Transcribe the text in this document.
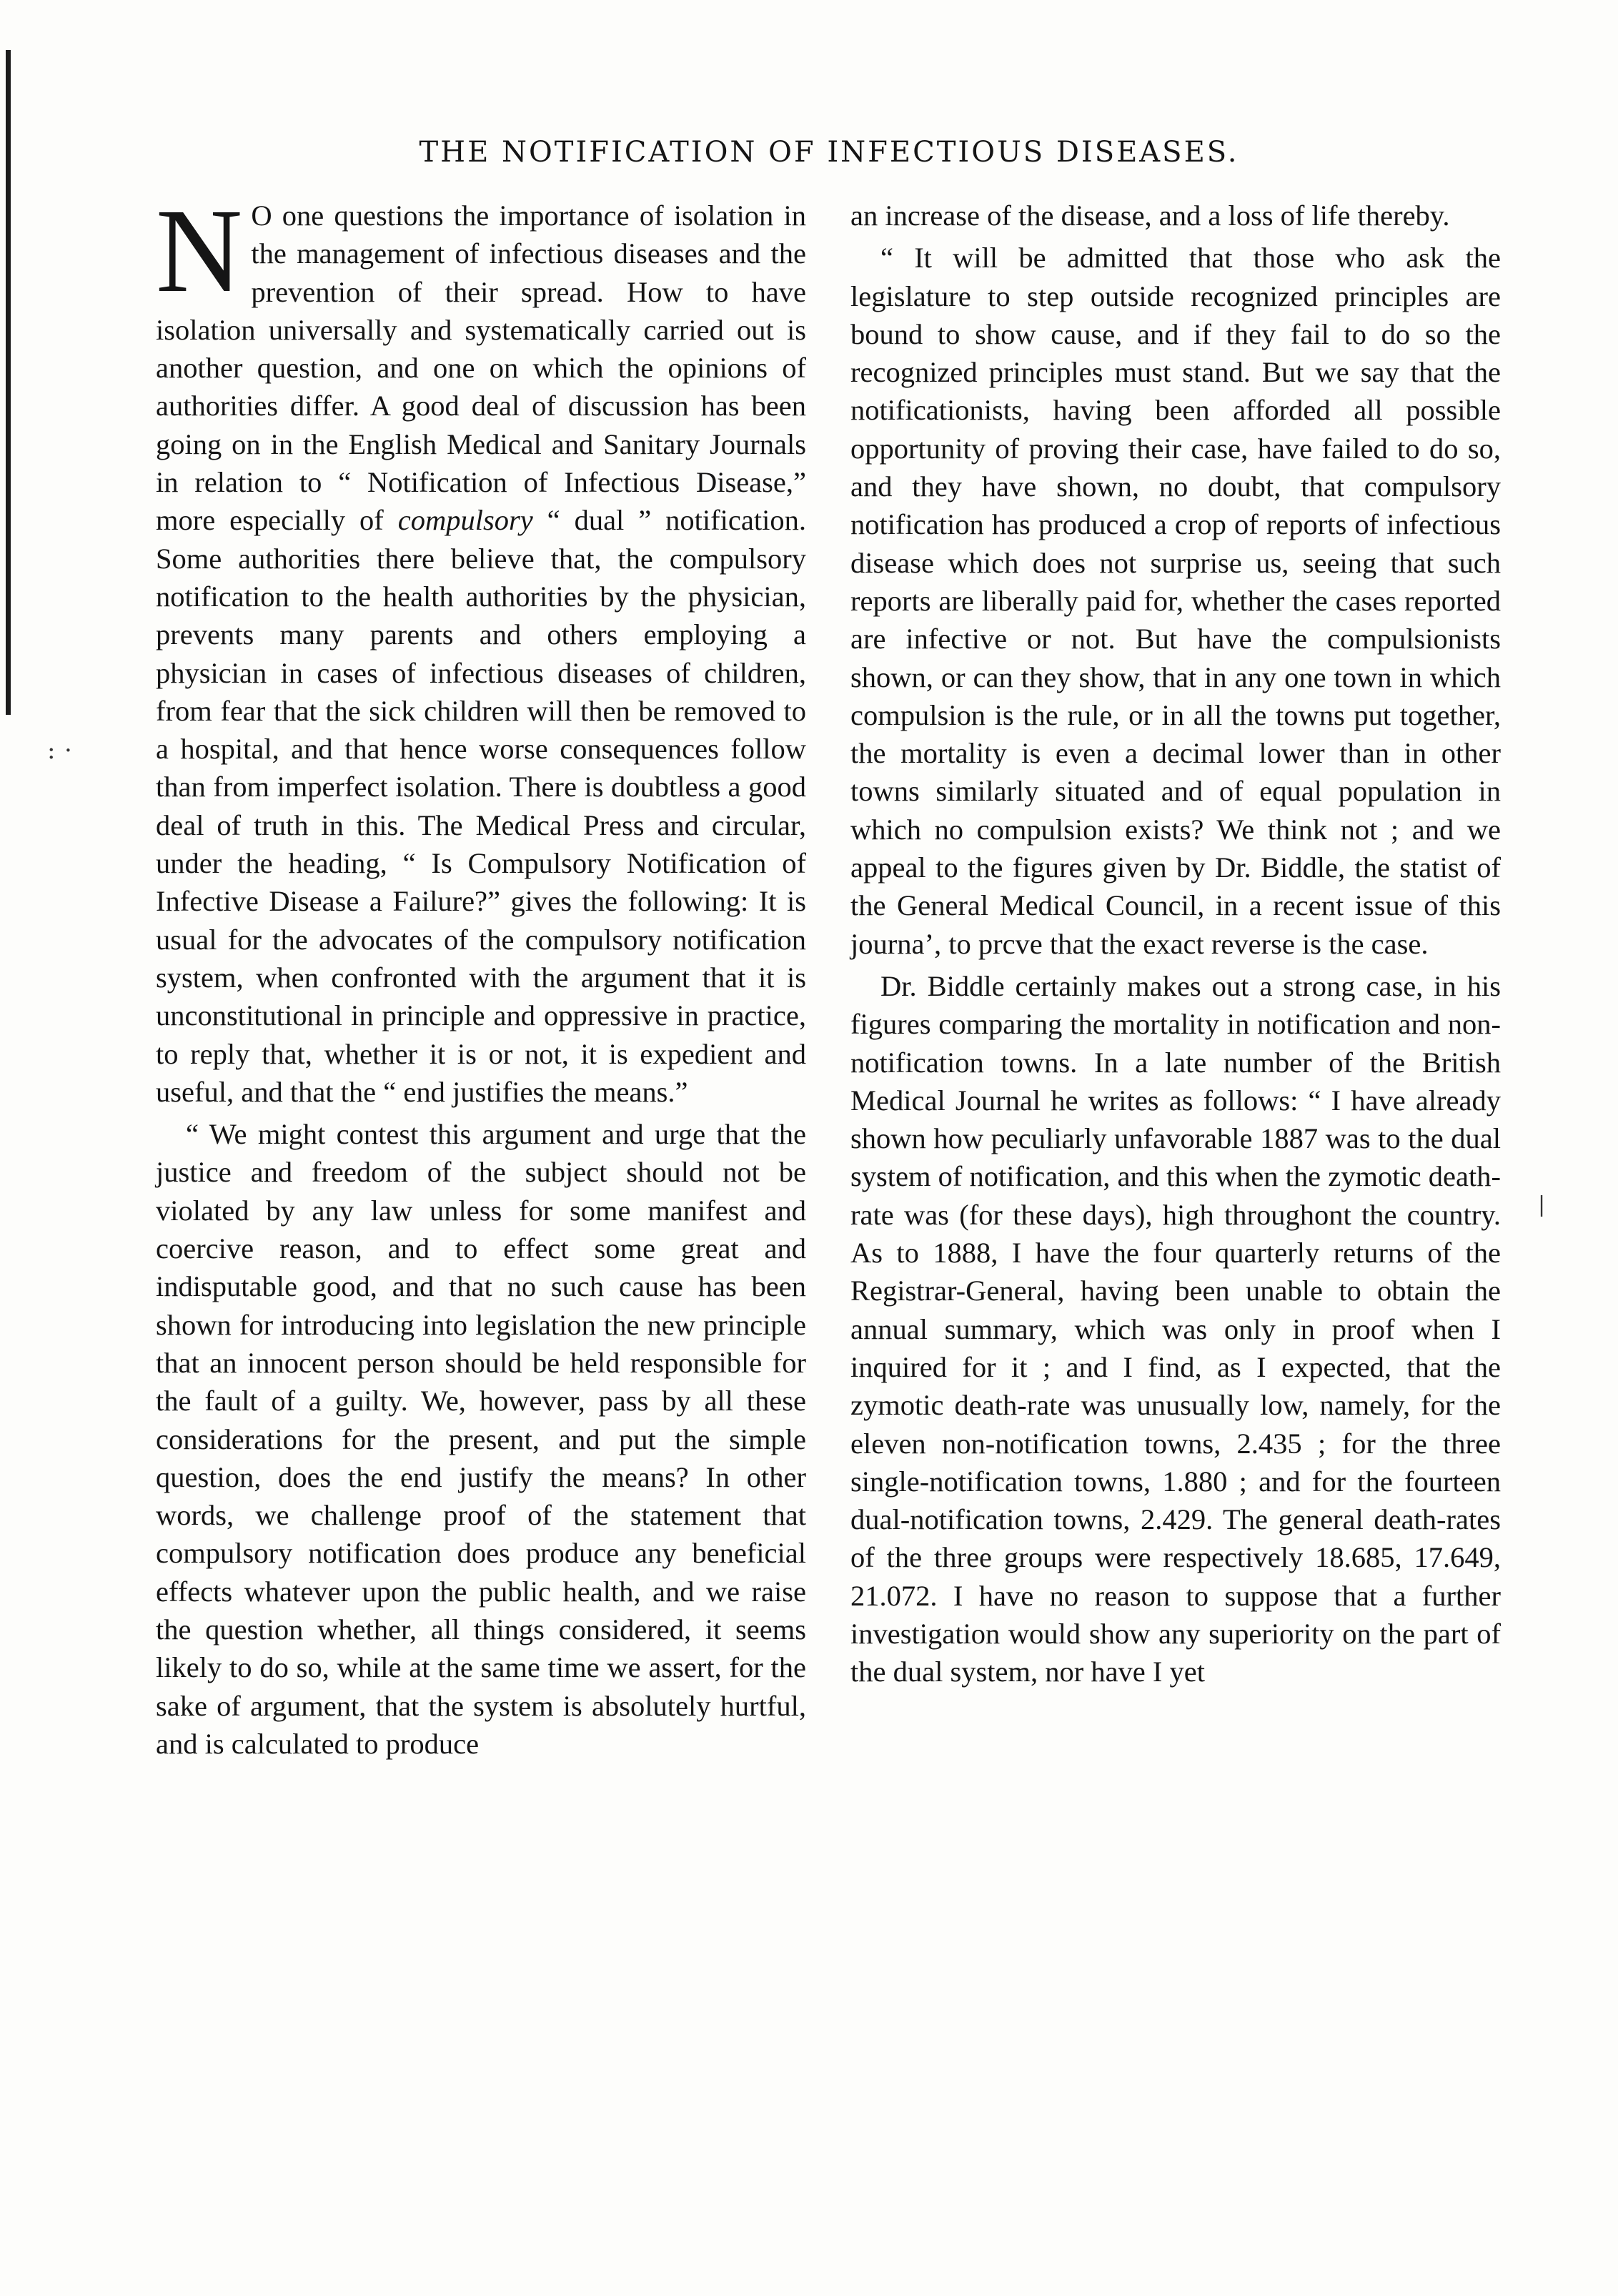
: ·
|
THE NOTIFICATION OF INFECTIOUS DISEASES.

N O one questions the importance of isolation in the management of infectious diseases and the prevention of their spread. How to have isolation universally and systematically carried out is another question, and one on which the opinions of authorities differ. A good deal of discussion has been going on in the English Medical and Sanitary Journals in relation to “ Notification of Infectious Disease,” more especially of compulsory “ dual ” notification. Some authorities there believe that, the compulsory notification to the health authorities by the physician, prevents many parents and others employing a physician in cases of infectious diseases of children, from fear that the sick children will then be removed to a hospital, and that hence worse consequences follow than from imperfect isolation. There is doubtless a good deal of truth in this. The Medical Press and circular, under the heading, “ Is Compulsory Notification of Infective Disease a Failure?” gives the following: It is usual for the advocates of the compulsory notification system, when confronted with the argument that it is unconstitutional in principle and oppressive in practice, to reply that, whether it is or not, it is expedient and useful, and that the “ end justifies the means.”

“ We might contest this argument and urge that the justice and freedom of the subject should not be violated by any law unless for some manifest and coercive reason, and to effect some great and indisputable good, and that no such cause has been shown for introducing into legislation the new principle that an innocent person should be held responsible for the fault of a guilty. We, however, pass by all these considerations for the present, and put the simple question, does the end justify the means? In other words, we challenge proof of the statement that compulsory notification does produce any beneficial effects whatever upon the public health, and we raise the question whether, all things considered, it seems likely to do so, while at the same time we assert, for the sake of argument, that the system is absolutely hurtful, and is calculated to produce

an increase of the disease, and a loss of life thereby.

“ It will be admitted that those who ask the legislature to step outside recognized principles are bound to show cause, and if they fail to do so the recognized principles must stand. But we say that the notificationists, having been afforded all possible opportunity of proving their case, have failed to do so, and they have shown, no doubt, that compulsory notification has produced a crop of reports of infectious disease which does not surprise us, seeing that such reports are liberally paid for, whether the cases reported are infective or not. But have the compulsionists shown, or can they show, that in any one town in which compulsion is the rule, or in all the towns put together, the mortality is even a decimal lower than in other towns similarly situated and of equal population in which no compulsion exists? We think not ; and we appeal to the figures given by Dr. Biddle, the statist of the General Medical Council, in a recent issue of this journa’, to prcve that the exact reverse is the case.

Dr. Biddle certainly makes out a strong case, in his figures comparing the mortality in notification and non-notification towns. In a late number of the British Medical Journal he writes as follows: “ I have already shown how peculiarly unfavorable 1887 was to the dual system of notification, and this when the zymotic death-rate was (for these days), high throughont the country. As to 1888, I have the four quarterly returns of the Registrar-General, having been unable to obtain the annual summary, which was only in proof when I inquired for it ; and I find, as I expected, that the zymotic death-rate was unusually low, namely, for the eleven non-notification towns, 2.435 ; for the three single-notification towns, 1.880 ; and for the fourteen dual-notification towns, 2.429. The general death-rates of the three groups were respectively 18.685, 17.649, 21.072. I have no reason to suppose that a further investigation would show any superiority on the part of the dual system, nor have I yet
